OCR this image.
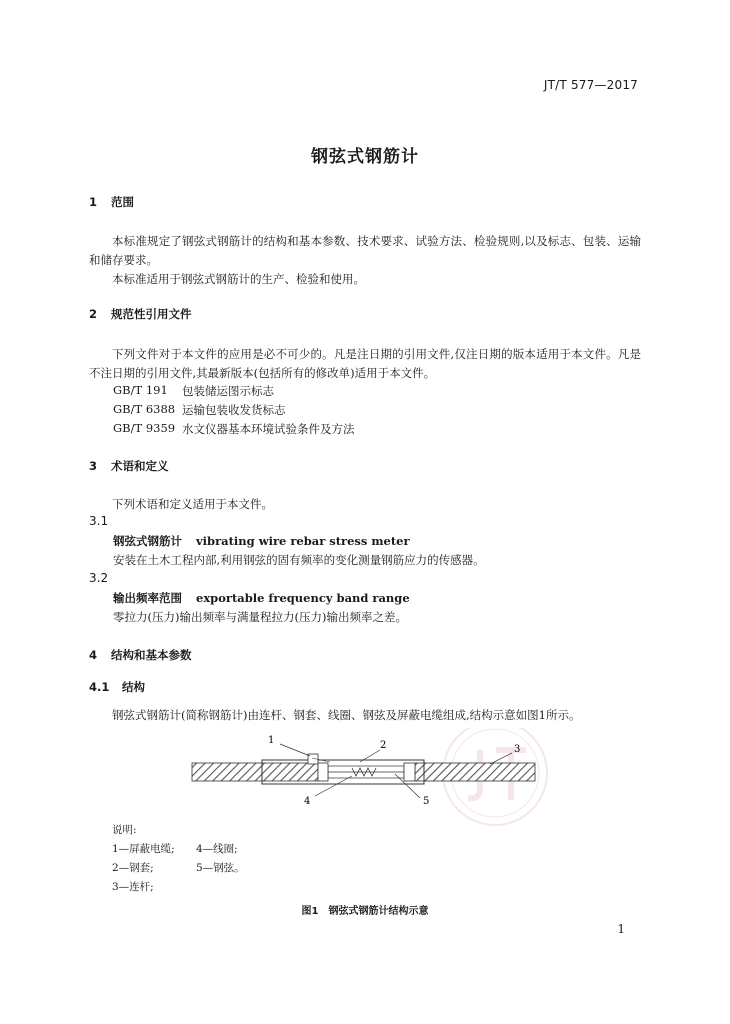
JT/T 577—2017
钢弦式钢筋计
1 范围
本标准规定了钢弦式钢筋计的结构和基本参数、技术要求、试验方法、检验规则,以及标志、包装、运输和储存要求。
本标准适用于钢弦式钢筋计的生产、检验和使用。
2 规范性引用文件
下列文件对于本文件的应用是必不可少的。凡是注日期的引用文件,仅注日期的版本适用于本文件。凡是不注日期的引用文件,其最新版本(包括所有的修改单)适用于本文件。
GB/T 191 包装储运图示标志
GB/T 6388 运输包装收发货标志
GB/T 9359 水文仪器基本环境试验条件及方法
3 术语和定义
下列术语和定义适用于本文件。
3.1
钢弦式钢筋计 vibrating wire rebar stress meter
安装在土木工程内部,利用钢弦的固有频率的变化测量钢筋应力的传感器。
3.2
输出频率范围 exportable frequency band range
零拉力(压力)输出频率与满量程拉力(压力)输出频率之差。
4 结构和基本参数
4.1 结构
钢弦式钢筋计(简称钢筋计)由连杆、钢套、线圈、钢弦及屏蔽电缆组成,结构示意如图1所示。
1	2	3
4	5
说明:
1—屏蔽电缆; 4—线圈;
2—钢套;	5—钢弦。
3—连杆;
图1 钢弦式钢筋计结构示意
1
